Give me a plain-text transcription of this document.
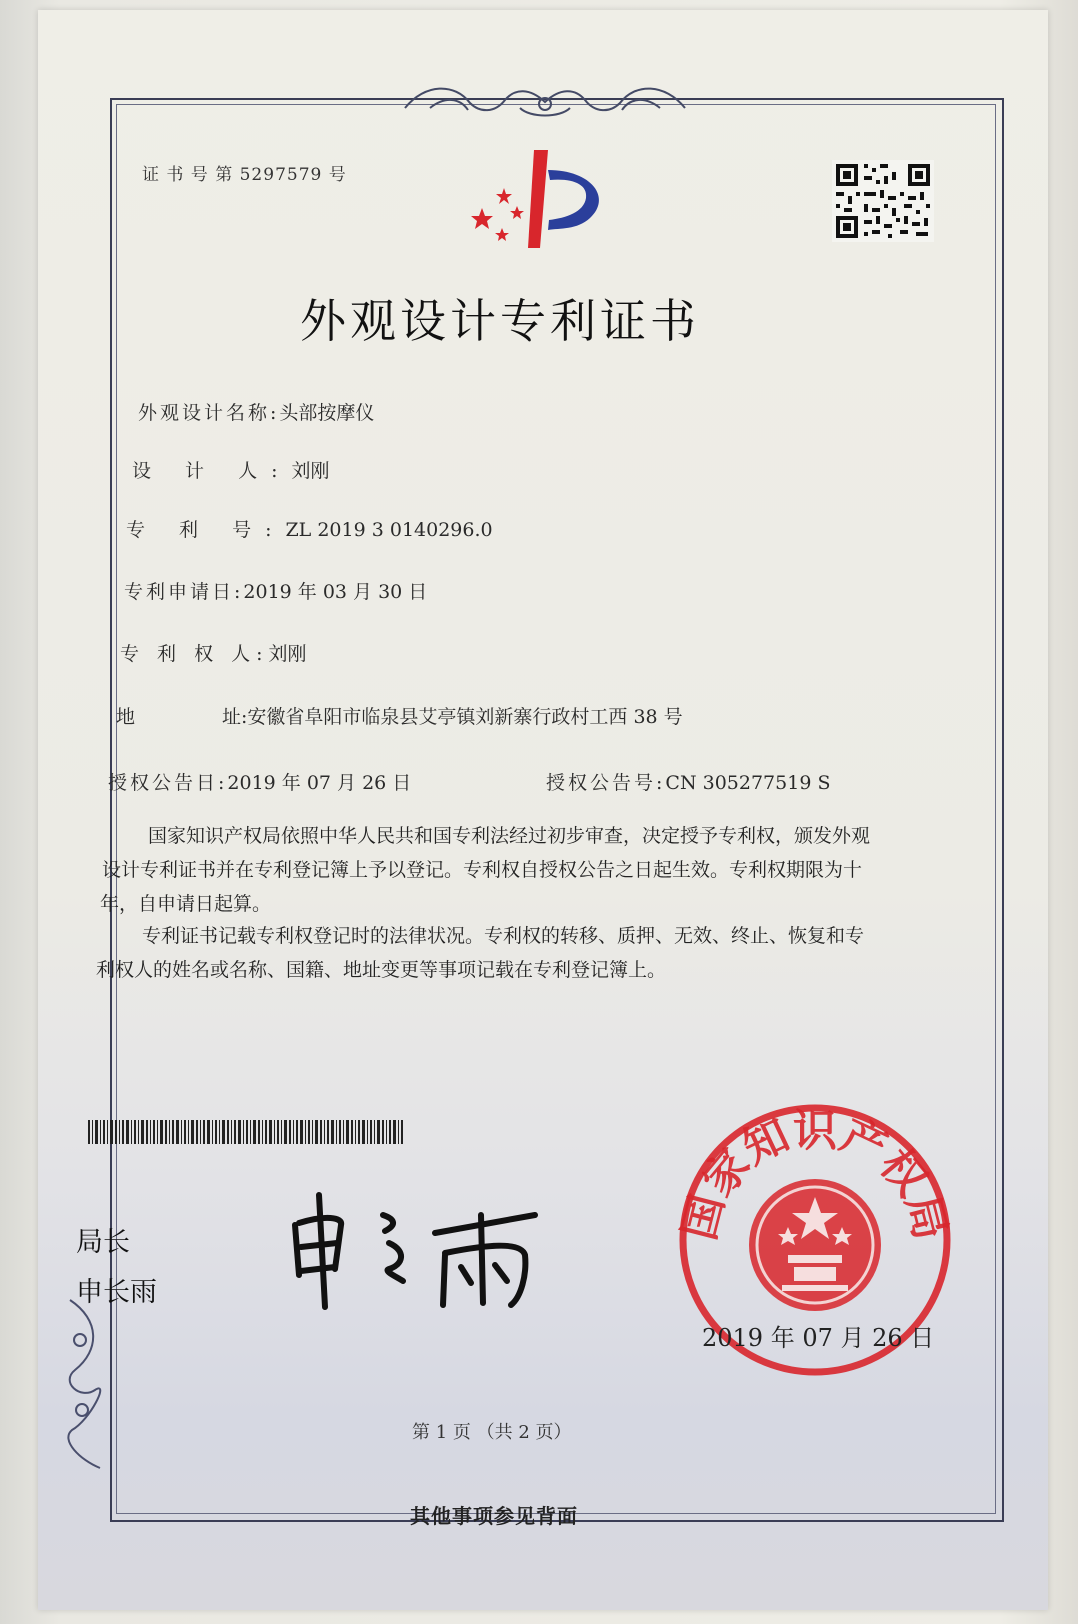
证 书 号 第 5297579 号
外观设计专利证书
外观设计名称:头部按摩仪
设 计 人:刘刚
专 利 号:ZL 2019 3 0140296.0
专利申请日:2019 年 03 月 30 日
专 利 权 人:刘刚
地	址:安徽省阜阳市临泉县艾亭镇刘新寨行政村工西 38 号
授权公告日:2019 年 07 月 26 日	授权公告号:CN 305277519 S
国家知识产权局依照中华人民共和国专利法经过初步审查，决定授予专利权，颁发外观
设计专利证书并在专利登记簿上予以登记。专利权自授权公告之日起生效。专利权期限为十
年，自申请日起算。
专利证书记载专利权登记时的法律状况。专利权的转移、质押、无效、终止、恢复和专
利权人的姓名或名称、国籍、地址变更等事项记载在专利登记簿上。
局长
申长雨
国家知识产权局
2019 年 07 月 26 日
第 1 页 （共 2 页）
其他事项参见背面
